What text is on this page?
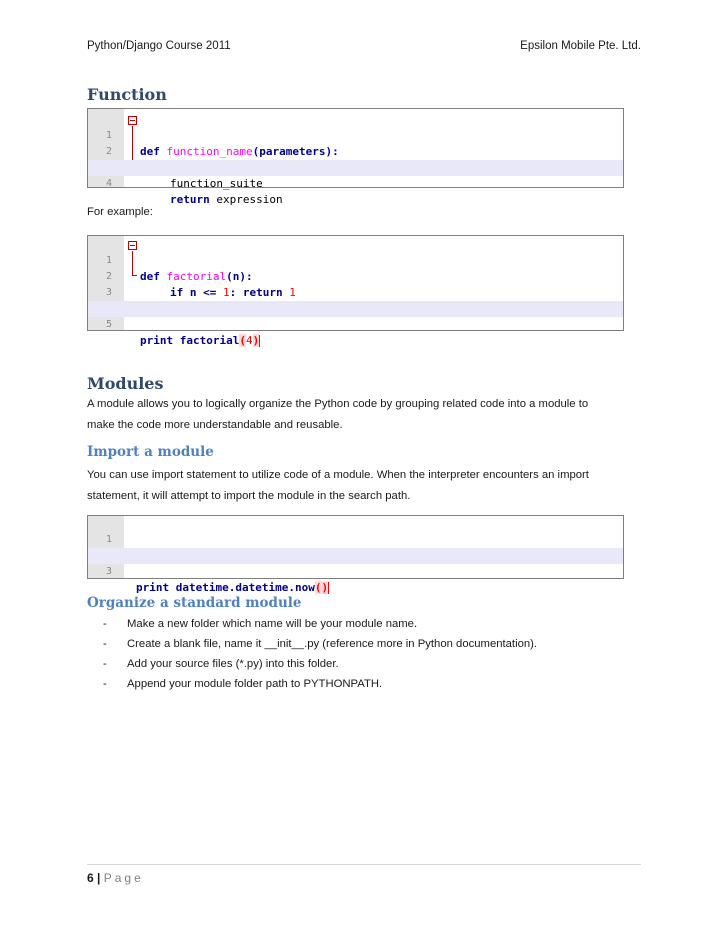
Python/Django Course 2011	Epsilon Mobile Pte. Ltd.
Function

1

def function_name(parameters):

2

function_suite

4

return expression

For example:

1

def factorial(n):

2

if n <= 1: return 1

3

5

print factorial(4)

Modules
A module allows you to logically organize the Python code by grouping related code into a module to
make the code more understandable and reusable.
Import a module
You can use import statement to utilize code of a module. When the interpreter encounters an import
statement, it will attempt to import the module in the search path.

1

3

print datetime.datetime.now()

Organize a standard module
- Make a new folder which name will be your module name.
- Create a blank file, name it __init__.py (reference more in Python documentation).
- Add your source files (*.py) into this folder.
- Append your module folder path to PYTHONPATH.
6 | Page
